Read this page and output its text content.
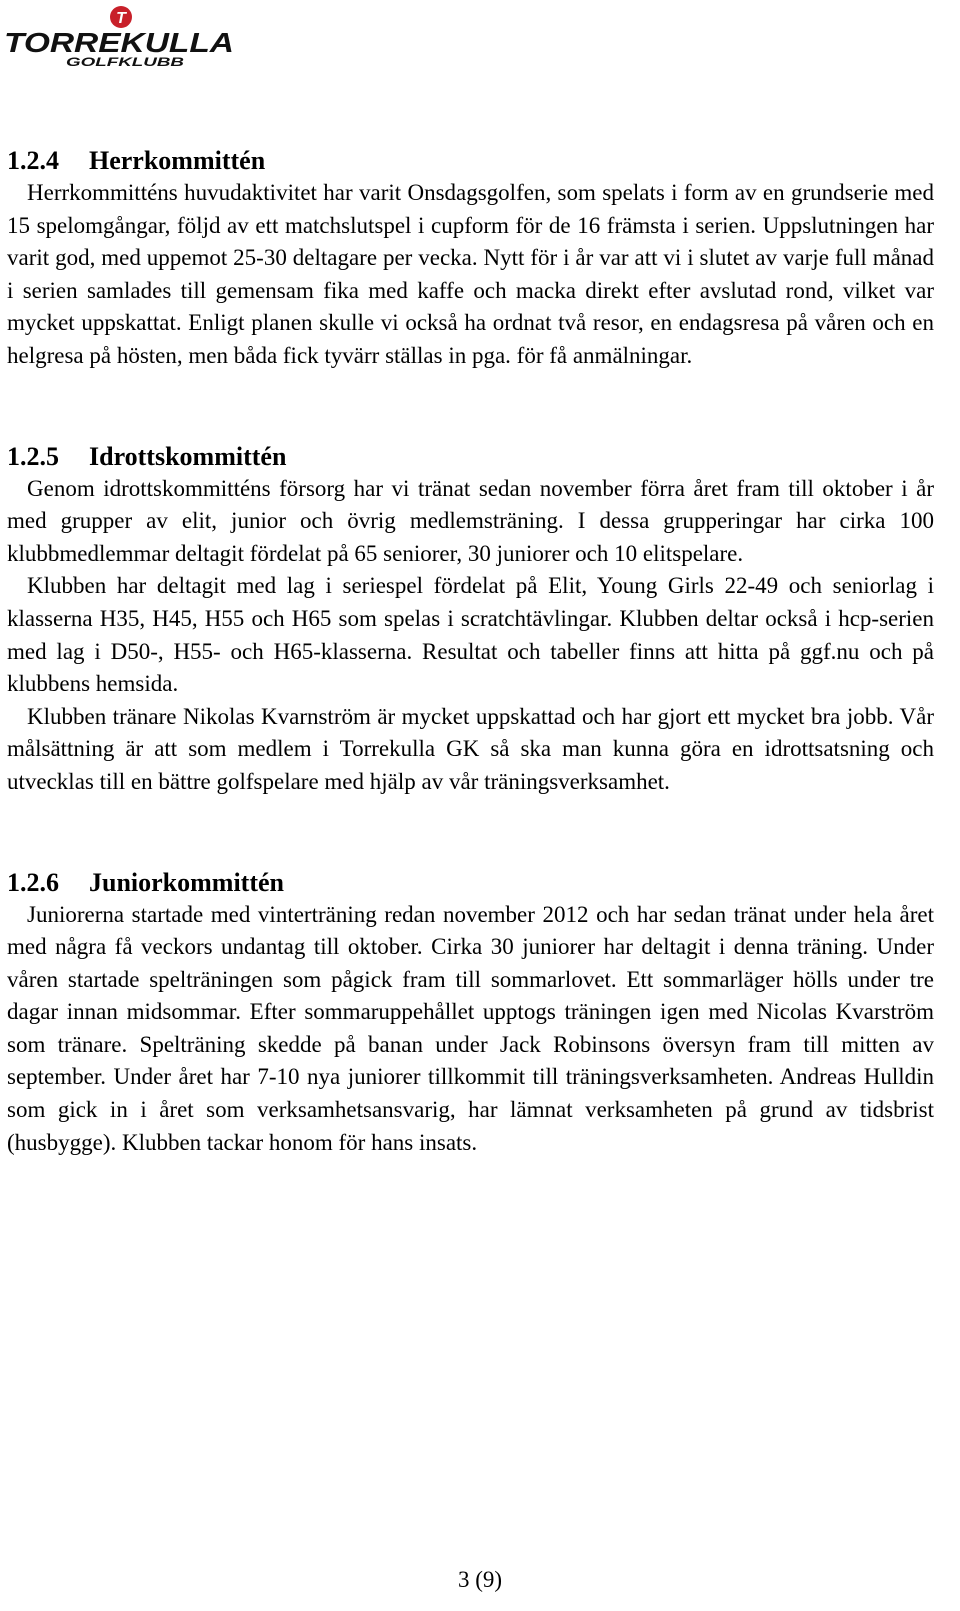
T
TORREKULLA
GOLFKLUBB
1.2.4 Herrkommittén

Herrkommitténs huvudaktivitet har varit Onsdagsgolfen, som spelats i form av en grundserie med 15 spelomgångar, följd av ett matchslutspel i cupform för de 16 främsta i serien. Uppslutningen har varit god, med uppemot 25-30 deltagare per vecka. Nytt för i år var att vi i slutet av varje full månad i serien samlades till gemensam fika med kaffe och macka direkt efter avslutad rond, vilket var mycket uppskattat. Enligt planen skulle vi också ha ordnat två resor, en endagsresa på våren och en helgresa på hösten, men båda fick tyvärr ställas in pga. för få anmälningar.

1.2.5 Idrottskommittén

Genom idrottskommitténs försorg har vi tränat sedan november förra året fram till oktober i år med grupper av elit, junior och övrig medlemsträning. I dessa grupperingar har cirka 100 klubbmedlemmar deltagit fördelat på 65 seniorer, 30 juniorer och 10 elitspelare.

Klubben har deltagit med lag i seriespel fördelat på Elit, Young Girls 22-49 och seniorlag i klasserna H35, H45, H55 och H65 som spelas i scratchtävlingar. Klubben deltar också i hcp-serien med lag i D50-, H55- och H65-klasserna. Resultat och tabeller finns att hitta på ggf.nu och på klubbens hemsida.

Klubben tränare Nikolas Kvarnström är mycket uppskattad och har gjort ett mycket bra jobb. Vår målsättning är att som medlem i Torrekulla GK så ska man kunna göra en idrottsatsning och utvecklas till en bättre golfspelare med hjälp av vår träningsverksamhet.

1.2.6 Juniorkommittén

Juniorerna startade med vinterträning redan november 2012 och har sedan tränat under hela året med några få veckors undantag till oktober. Cirka 30 juniorer har deltagit i denna träning. Under våren startade spelträningen som pågick fram till sommarlovet. Ett sommarläger hölls under tre dagar innan midsommar. Efter sommaruppehållet upptogs träningen igen med Nicolas Kvarström som tränare. Spelträning skedde på banan under Jack Robinsons översyn fram till mitten av september. Under året har 7-10 nya juniorer tillkommit till träningsverksamheten. Andreas Hulldin som gick in i året som verksamhetsansvarig, har lämnat verksamheten på grund av tidsbrist (husbygge). Klubben tackar honom för hans insats.

3 (9)
